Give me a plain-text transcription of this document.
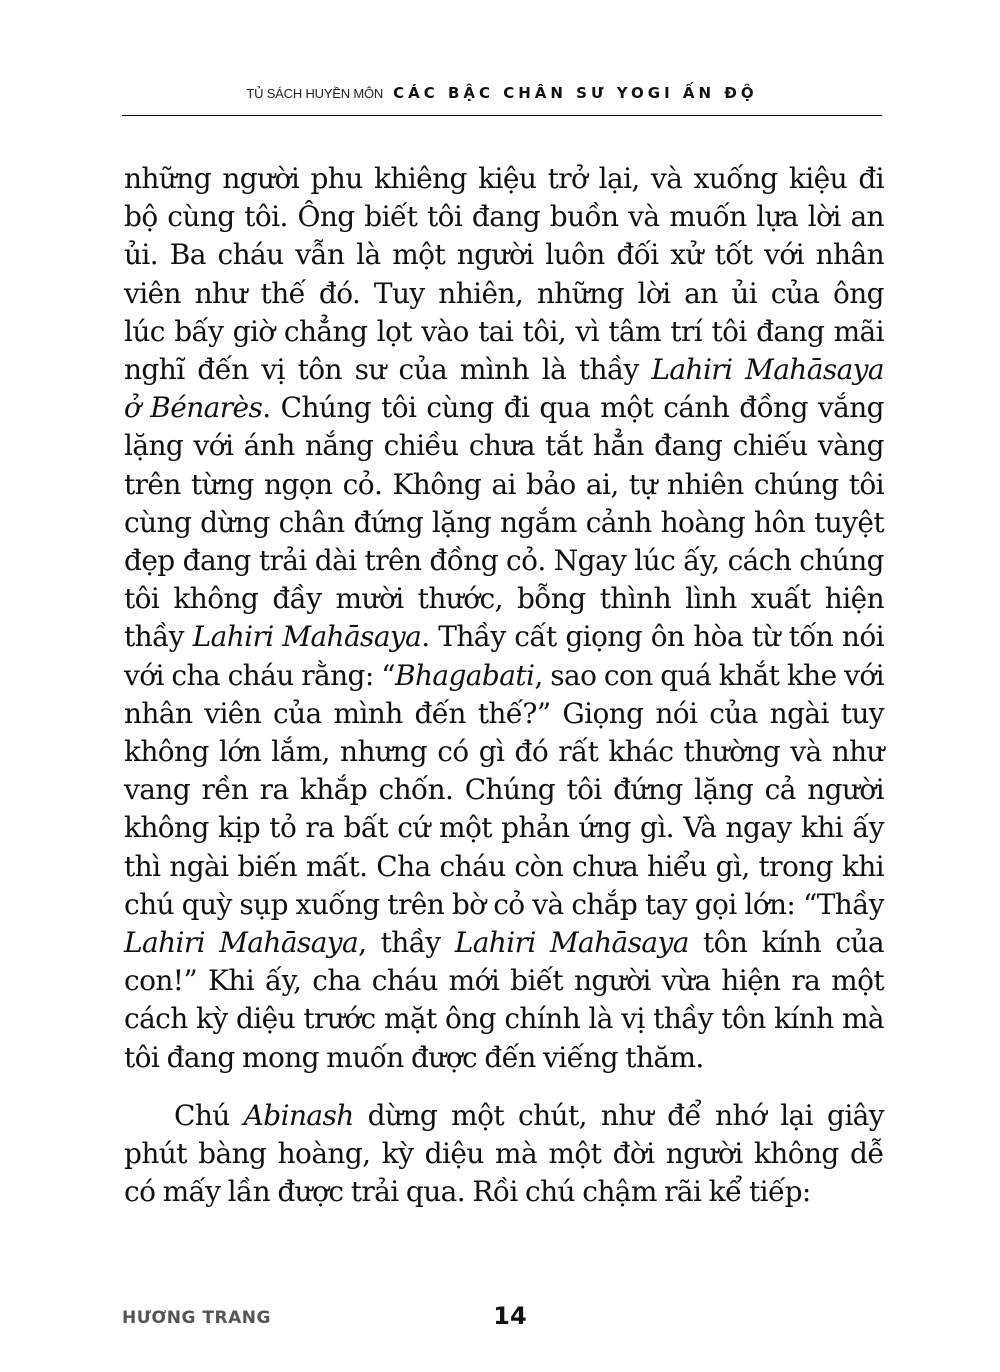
TỦ SÁCH HUYỀN MÔN CÁC BẬC CHÂN SƯ YOGI ẤN ĐỘ
những người phu khiêng kiệu trở lại, và xuống kiệu đi
bộ cùng tôi. Ông biết tôi đang buồn và muốn lựa lời an
ủi. Ba cháu vẫn là một người luôn đối xử tốt với nhân
viên như thế đó. Tuy nhiên, những lời an ủi của ông
lúc bấy giờ chẳng lọt vào tai tôi, vì tâm trí tôi đang mãi
nghĩ đến vị tôn sư của mình là thầy Lahiri Mahāsaya
ở Bénarès. Chúng tôi cùng đi qua một cánh đồng vắng
lặng với ánh nắng chiều chưa tắt hẳn đang chiếu vàng
trên từng ngọn cỏ. Không ai bảo ai, tự nhiên chúng tôi
cùng dừng chân đứng lặng ngắm cảnh hoàng hôn tuyệt
đẹp đang trải dài trên đồng cỏ. Ngay lúc ấy, cách chúng
tôi không đầy mười thước, bỗng thình lình xuất hiện
thầy Lahiri Mahāsaya. Thầy cất giọng ôn hòa từ tốn nói
với cha cháu rằng: “Bhagabati, sao con quá khắt khe với
nhân viên của mình đến thế?” Giọng nói của ngài tuy
không lớn lắm, nhưng có gì đó rất khác thường và như
vang rền ra khắp chốn. Chúng tôi đứng lặng cả người
không kịp tỏ ra bất cứ một phản ứng gì. Và ngay khi ấy
thì ngài biến mất. Cha cháu còn chưa hiểu gì, trong khi
chú quỳ sụp xuống trên bờ cỏ và chắp tay gọi lớn: “Thầy
Lahiri Mahāsaya, thầy Lahiri Mahāsaya tôn kính của
con!” Khi ấy, cha cháu mới biết người vừa hiện ra một
cách kỳ diệu trước mặt ông chính là vị thầy tôn kính mà
tôi đang mong muốn được đến viếng thăm.
Chú Abinash dừng một chút, như để nhớ lại giây
phút bàng hoàng, kỳ diệu mà một đời người không dễ
có mấy lần được trải qua. Rồi chú chậm rãi kể tiếp:
HƯƠNG TRANG	14
